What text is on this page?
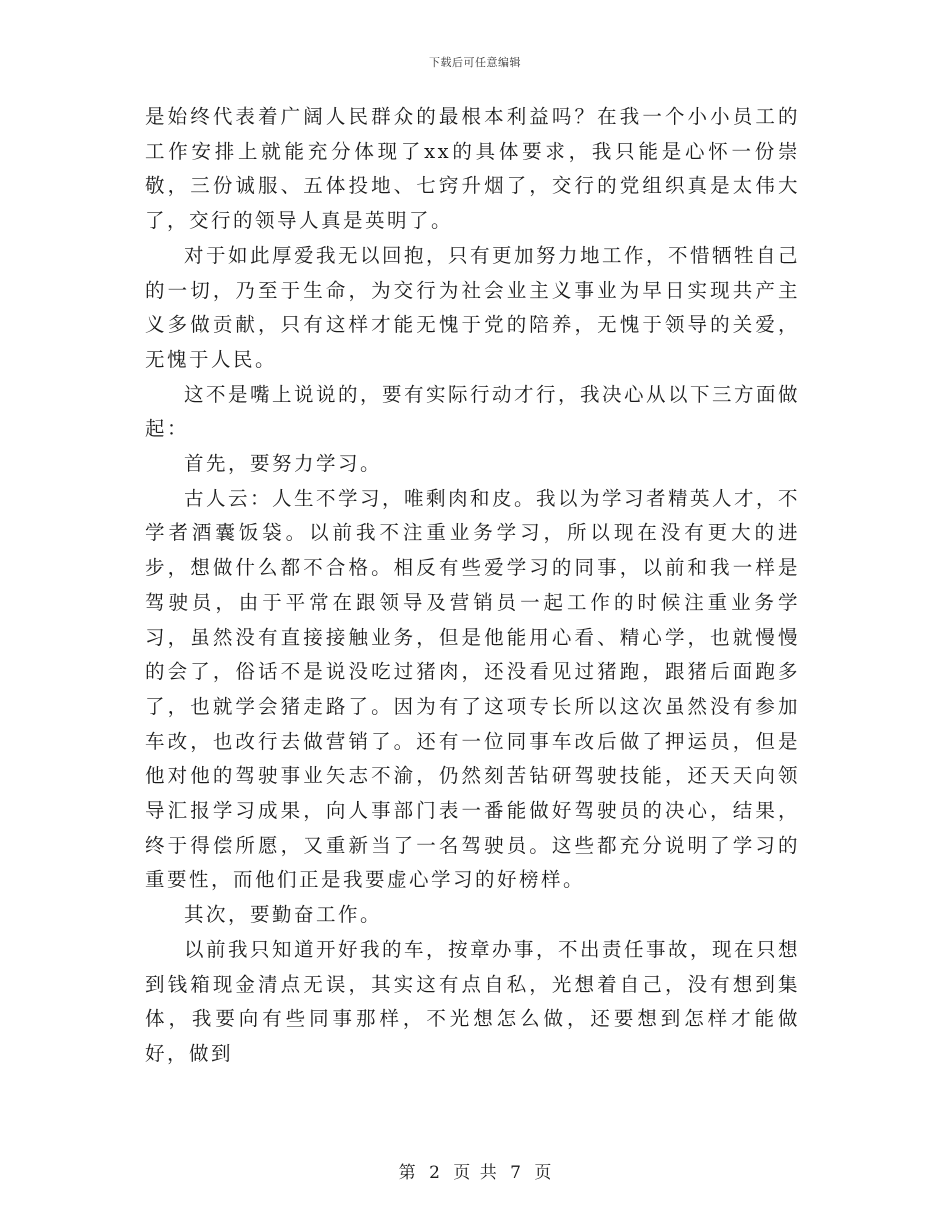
下载后可任意编辑

是始终代表着广阔人民群众的最根本利益吗？在我一个小小员工的工作安排上就能充分体现了xx的具体要求，我只能是心怀一份崇敬，三份诚服、五体投地、七窍升烟了，交行的党组织真是太伟大了，交行的领导人真是英明了。

对于如此厚爱我无以回抱，只有更加努力地工作，不惜牺牲自己的一切，乃至于生命，为交行为社会业主义事业为早日实现共产主义多做贡献，只有这样才能无愧于党的陪养，无愧于领导的关爱，无愧于人民。

这不是嘴上说说的，要有实际行动才行，我决心从以下三方面做起：

首先，要努力学习。

古人云：人生不学习，唯剩肉和皮。我以为学习者精英人才，不学者酒囊饭袋。以前我不注重业务学习，所以现在没有更大的进步，想做什么都不合格。相反有些爱学习的同事，以前和我一样是驾驶员，由于平常在跟领导及营销员一起工作的时候注重业务学习，虽然没有直接接触业务，但是他能用心看、精心学，也就慢慢的会了，俗话不是说没吃过猪肉，还没看见过猪跑，跟猪后面跑多了，也就学会猪走路了。因为有了这项专长所以这次虽然没有参加车改，也改行去做营销了。还有一位同事车改后做了押运员，但是他对他的驾驶事业矢志不渝，仍然刻苦钻研驾驶技能，还天天向领导汇报学习成果，向人事部门表一番能做好驾驶员的决心，结果，终于得偿所愿，又重新当了一名驾驶员。这些都充分说明了学习的重要性，而他们正是我要虚心学习的好榜样。

其次，要勤奋工作。

以前我只知道开好我的车，按章办事，不出责任事故，现在只想到钱箱现金清点无误，其实这有点自私，光想着自己，没有想到集体，我要向有些同事那样，不光想怎么做，还要想到怎样才能做好，做到

第 2 页 共 7 页
